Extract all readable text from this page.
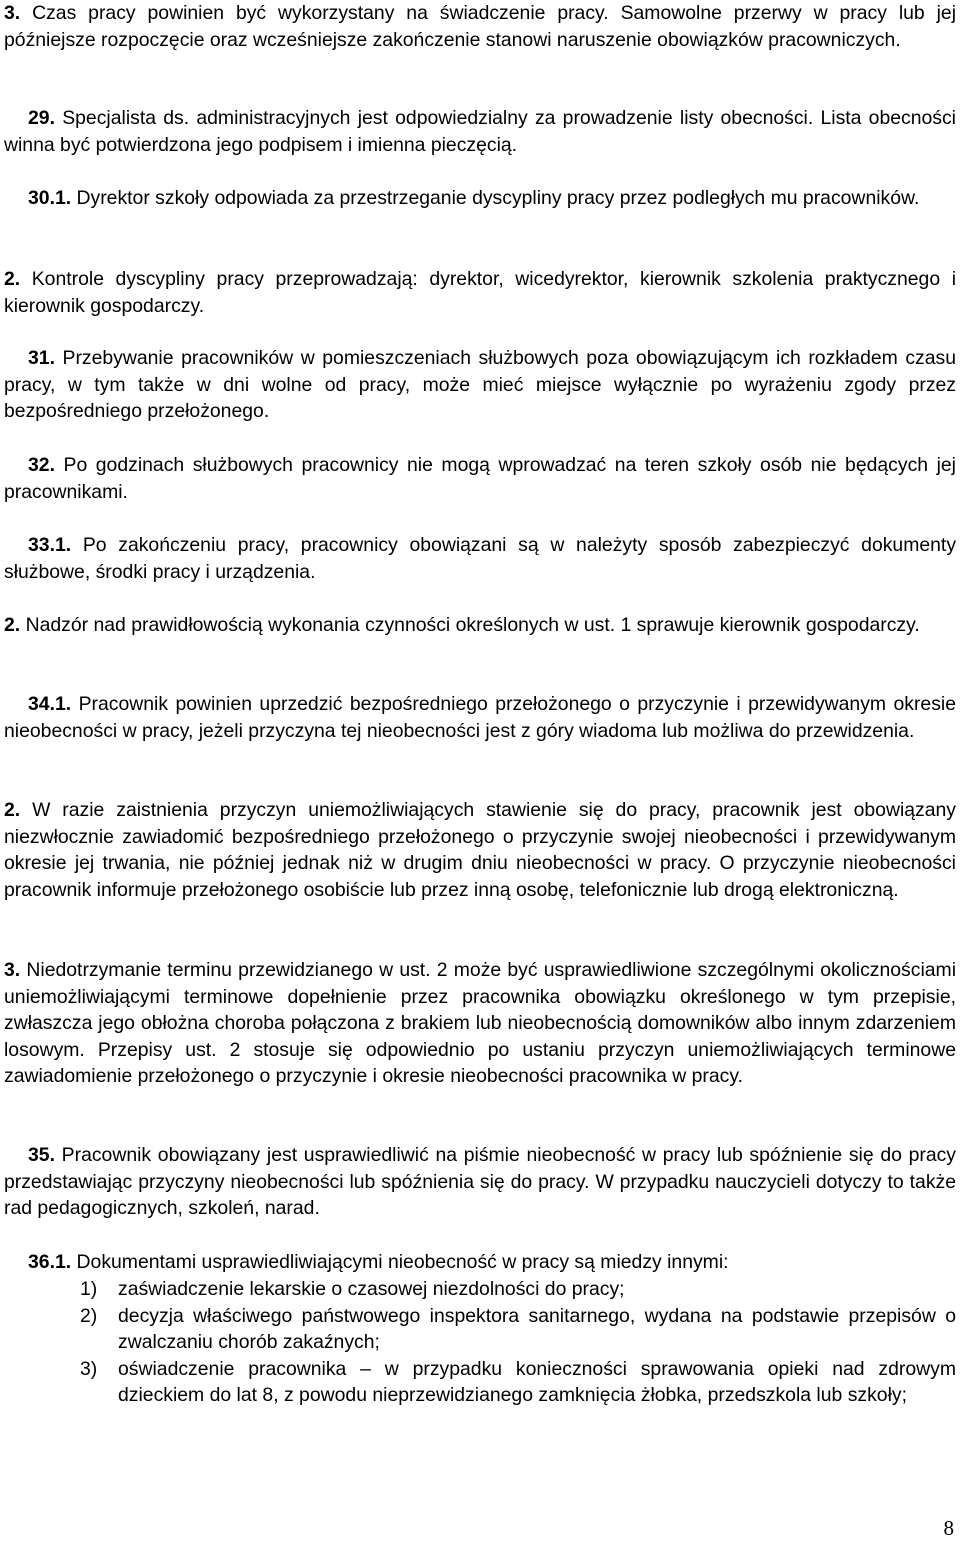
3. Czas pracy powinien być wykorzystany na świadczenie pracy. Samowolne przerwy w pracy lub jej późniejsze rozpoczęcie oraz wcześniejsze zakończenie stanowi naruszenie obowiązków pracowniczych.

29. Specjalista ds. administracyjnych jest odpowiedzialny za prowadzenie listy obecności. Lista obecności winna być potwierdzona jego podpisem i imienna pieczęcią.

30.1. Dyrektor szkoły odpowiada za przestrzeganie dyscypliny pracy przez podległych mu pracowników.

2. Kontrole dyscypliny pracy przeprowadzają: dyrektor, wicedyrektor, kierownik szkolenia praktycznego i kierownik gospodarczy.

31. Przebywanie pracowników w pomieszczeniach służbowych poza obowiązującym ich rozkładem czasu pracy, w tym także w dni wolne od pracy, może mieć miejsce wyłącznie po wyrażeniu zgody przez bezpośredniego przełożonego.

32. Po godzinach służbowych pracownicy nie mogą wprowadzać na teren szkoły osób nie będących jej pracownikami.

33.1. Po zakończeniu pracy, pracownicy obowiązani są w należyty sposób zabezpieczyć dokumenty służbowe, środki pracy i urządzenia.

2. Nadzór nad prawidłowością wykonania czynności określonych w ust. 1 sprawuje kierownik gospodarczy.

34.1. Pracownik powinien uprzedzić bezpośredniego przełożonego o przyczynie i przewidywanym okresie nieobecności w pracy, jeżeli przyczyna tej nieobecności jest z góry wiadoma lub możliwa do przewidzenia.

2. W razie zaistnienia przyczyn uniemożliwiających stawienie się do pracy, pracownik jest obowiązany niezwłocznie zawiadomić bezpośredniego przełożonego o przyczynie swojej nieobecności i przewidywanym okresie jej trwania, nie później jednak niż w drugim dniu nieobecności w pracy. O przyczynie nieobecności pracownik informuje przełożonego osobiście lub przez inną osobę, telefonicznie lub drogą elektroniczną.

3. Niedotrzymanie terminu przewidzianego w ust. 2 może być usprawiedliwione szczególnymi okolicznościami uniemożliwiającymi terminowe dopełnienie przez pracownika obowiązku określonego w tym przepisie, zwłaszcza jego obłożna choroba połączona z brakiem lub nieobecnością domowników albo innym zdarzeniem losowym. Przepisy ust. 2 stosuje się odpowiednio po ustaniu przyczyn uniemożliwiających terminowe zawiadomienie przełożonego o przyczynie i okresie nieobecności pracownika w pracy.

35. Pracownik obowiązany jest usprawiedliwić na piśmie nieobecność w pracy lub spóźnienie się do pracy przedstawiając przyczyny nieobecności lub spóźnienia się do pracy. W przypadku nauczycieli dotyczy to także rad pedagogicznych, szkoleń, narad.

36.1. Dokumentami usprawiedliwiającymi nieobecność w pracy są miedzy innymi:

1) zaświadczenie lekarskie o czasowej niezdolności do pracy;
2) decyzja właściwego państwowego inspektora sanitarnego, wydana na podstawie przepisów o zwalczaniu chorób zakaźnych;
3) oświadczenie pracownika – w przypadku konieczności sprawowania opieki nad zdrowym dzieckiem do lat 8, z powodu nieprzewidzianego zamknięcia żłobka, przedszkola lub szkoły;
8
